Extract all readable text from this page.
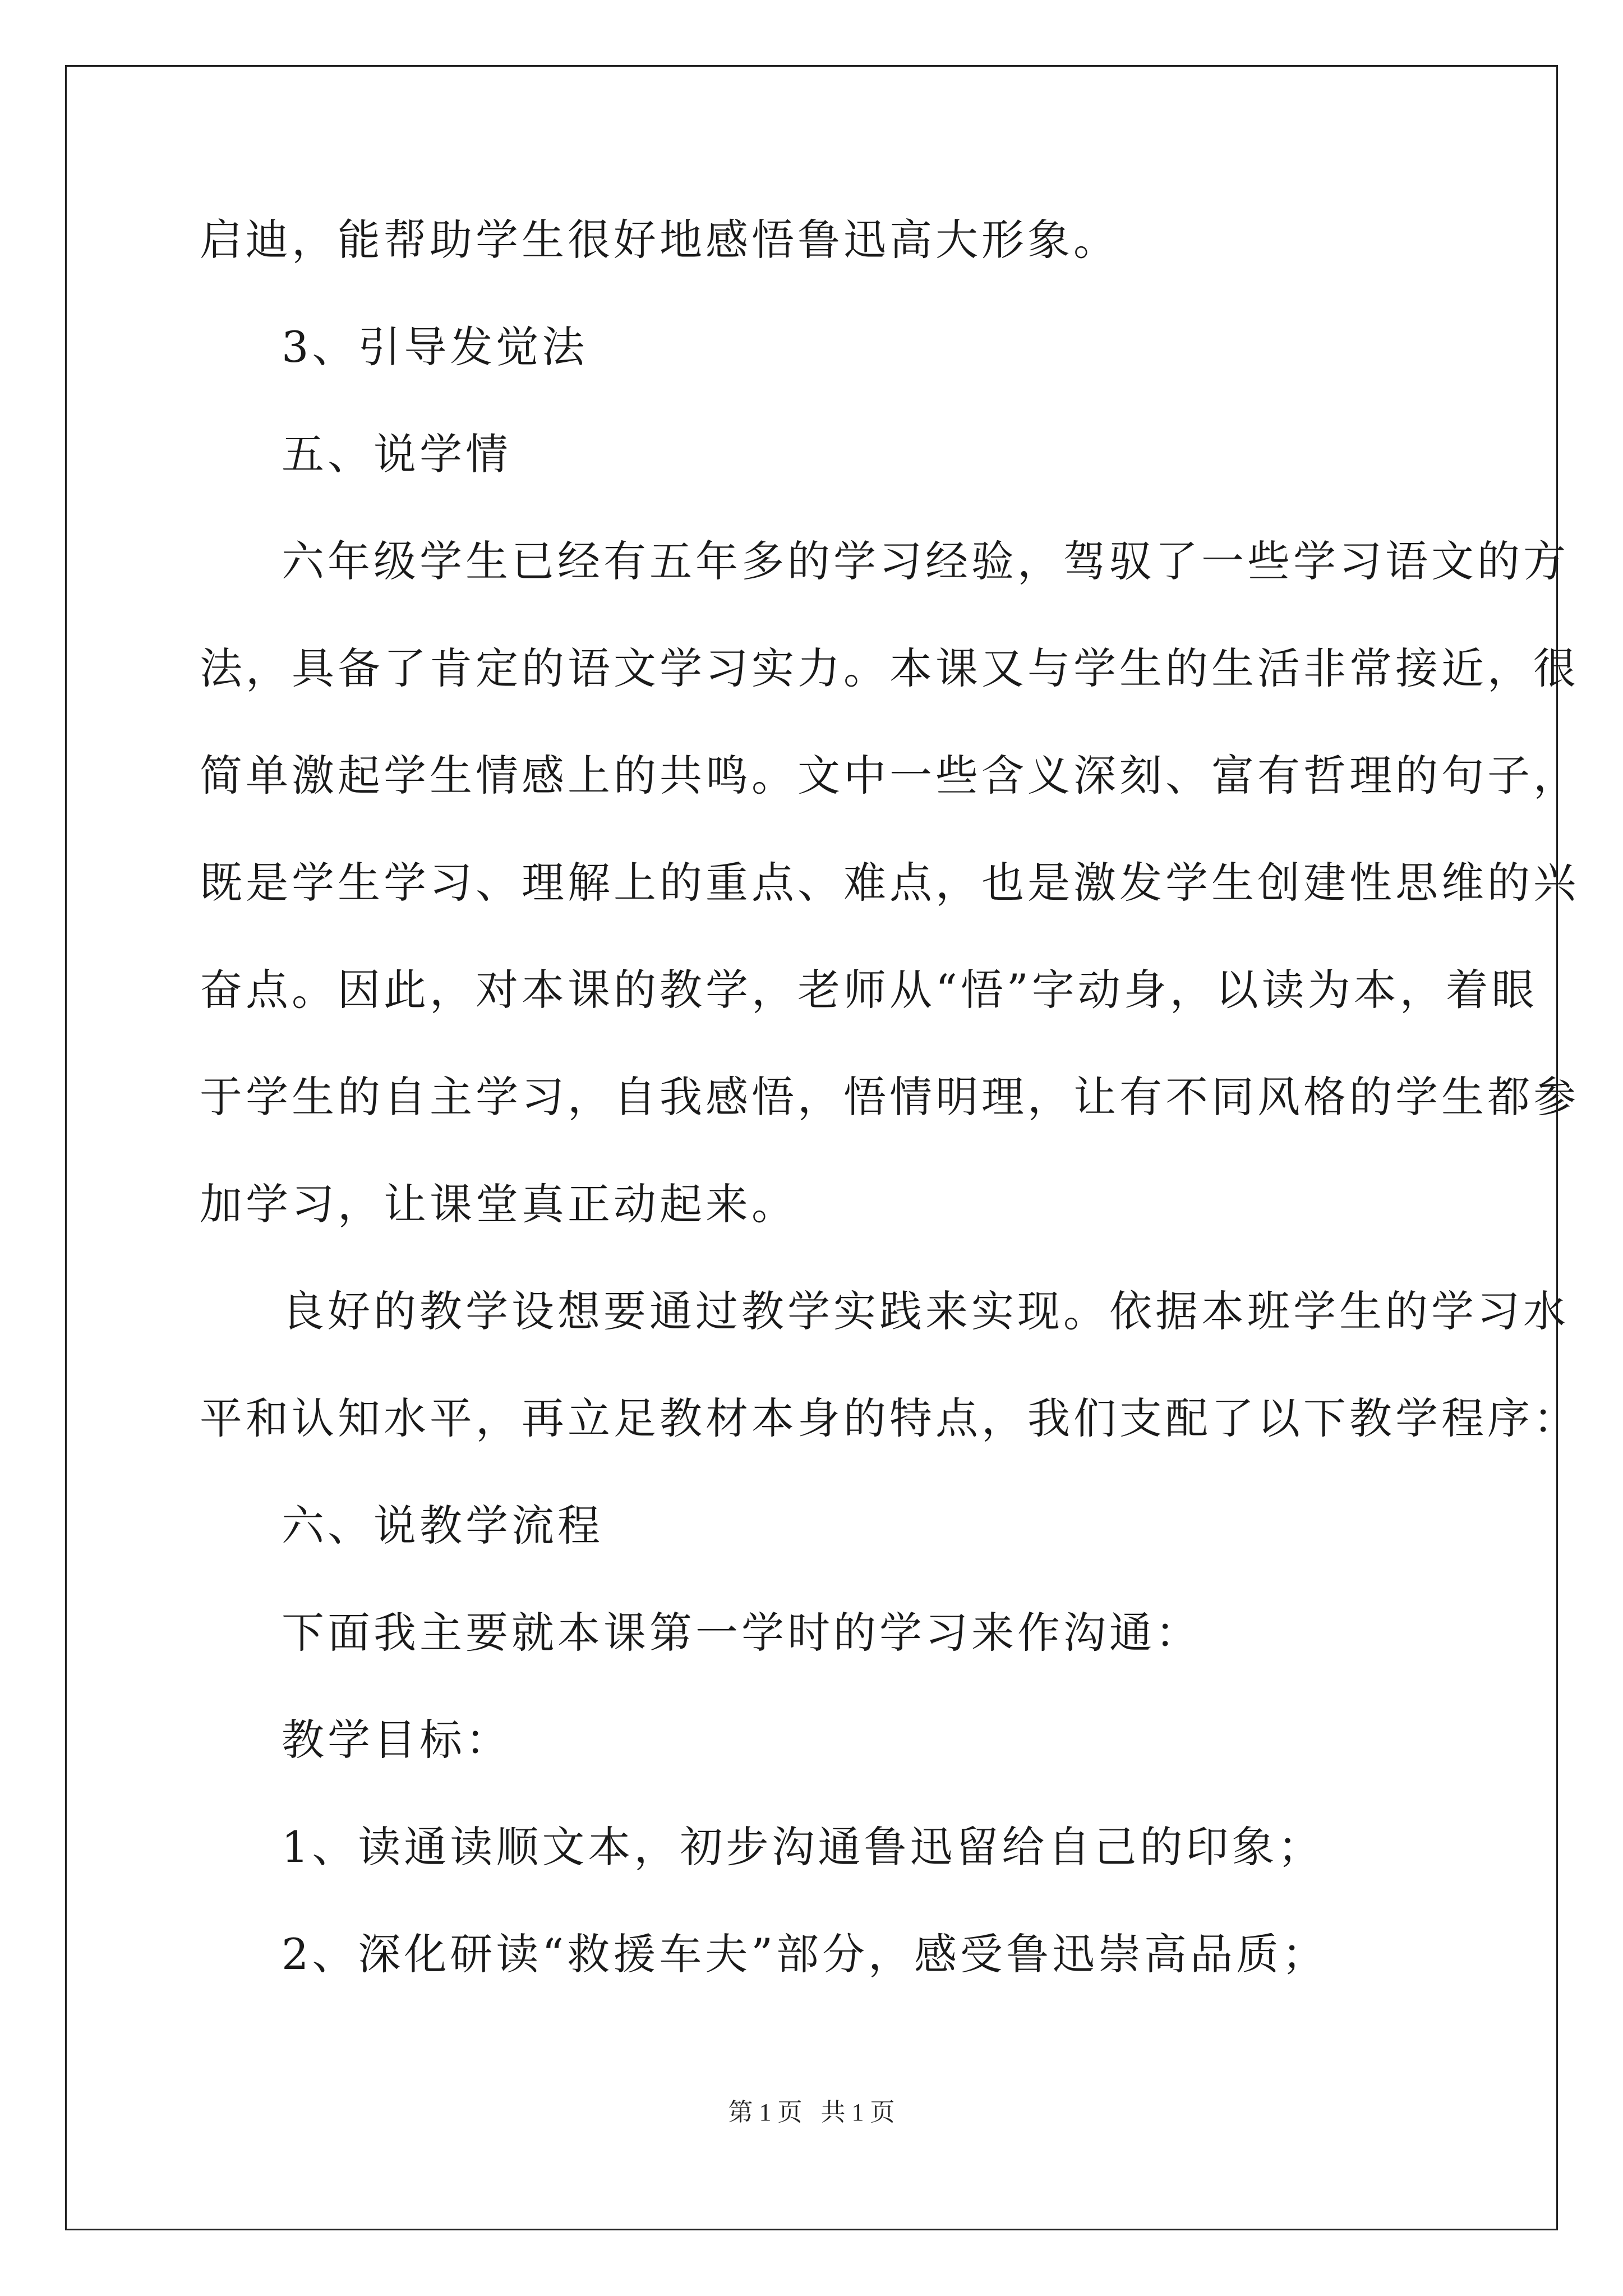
启迪，能帮助学生很好地感悟鲁迅高大形象。

3、引导发觉法

五、说学情

六年级学生已经有五年多的学习经验，驾驭了一些学习语文的方

法，具备了肯定的语文学习实力。本课又与学生的生活非常接近，很

简单激起学生情感上的共鸣。文中一些含义深刻、富有哲理的句子，

既是学生学习、理解上的重点、难点，也是激发学生创建性思维的兴

奋点。因此，对本课的教学，老师从“悟”字动身，以读为本，着眼

于学生的自主学习，自我感悟，悟情明理，让有不同风格的学生都参

加学习，让课堂真正动起来。

良好的教学设想要通过教学实践来实现。依据本班学生的学习水

平和认知水平，再立足教材本身的特点，我们支配了以下教学程序：

六、说教学流程

下面我主要就本课第一学时的学习来作沟通：

教学目标：

1、读通读顺文本，初步沟通鲁迅留给自己的印象；

2、深化研读“救援车夫”部分，感受鲁迅崇高品质；

第 1 页   共 1 页
